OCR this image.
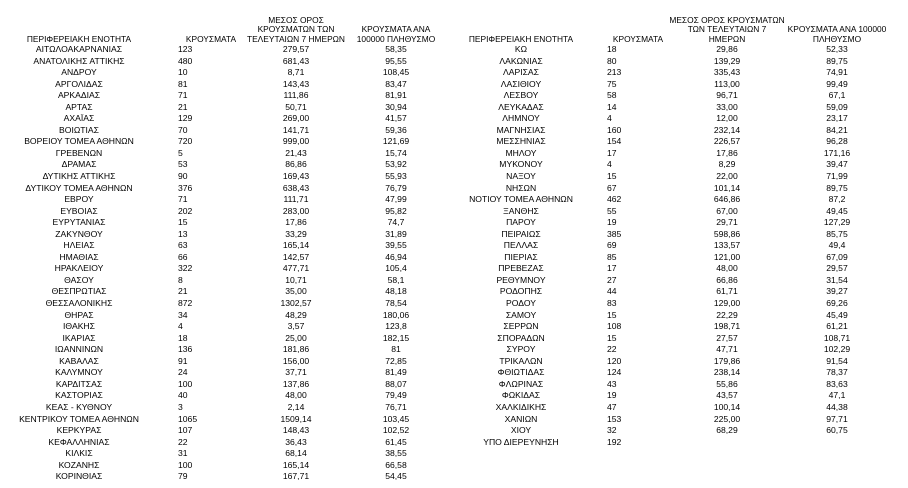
ΠΕΡΙΦΕΡΕΙΑΚΗ ΕΝΟΤΗΤΑ	ΚΡΟΥΣΜΑΤΑ	ΜΕΣΟΣ ΟΡΟΣ ΚΡΟΥΣΜΑΤΩΝ ΤΩΝ ΤΕΛΕΥΤΑΙΩΝ 7 ΗΜΕΡΩΝ	ΚΡΟΥΣΜΑΤΑ ΑΝΑ 100000 ΠΛΗΘΥΣΜΟ
ΑΙΤΩΛΟΑΚΑΡΝΑΝΙΑΣ	123	279,57	58,35
ΑΝΑΤΟΛΙΚΗΣ ΑΤΤΙΚΗΣ	480	681,43	95,55
ΑΝΔΡΟΥ	10	8,71	108,45
ΑΡΓΟΛΙΔΑΣ	81	143,43	83,47
ΑΡΚΑΔΙΑΣ	71	111,86	81,91
ΑΡΤΑΣ	21	50,71	30,94
ΑΧΑΪΑΣ	129	269,00	41,57
ΒΟΙΩΤΙΑΣ	70	141,71	59,36
ΒΟΡΕΙΟΥ ΤΟΜΕΑ ΑΘΗΝΩΝ	720	999,00	121,69
ΓΡΕΒΕΝΩΝ	5	21,43	15,74
ΔΡΑΜΑΣ	53	86,86	53,92
ΔΥΤΙΚΗΣ ΑΤΤΙΚΗΣ	90	169,43	55,93
ΔΥΤΙΚΟΥ ΤΟΜΕΑ ΑΘΗΝΩΝ	376	638,43	76,79
ΕΒΡΟΥ	71	111,71	47,99
ΕΥΒΟΙΑΣ	202	283,00	95,82
ΕΥΡΥΤΑΝΙΑΣ	15	17,86	74,7
ΖΑΚΥΝΘΟΥ	13	33,29	31,89
ΗΛΕΙΑΣ	63	165,14	39,55
ΗΜΑΘΙΑΣ	66	142,57	46,94
ΗΡΑΚΛΕΙΟΥ	322	477,71	105,4
ΘΑΣΟΥ	8	10,71	58,1
ΘΕΣΠΡΩΤΙΑΣ	21	35,00	48,18
ΘΕΣΣΑΛΟΝΙΚΗΣ	872	1302,57	78,54
ΘΗΡΑΣ	34	48,29	180,06
ΙΘΑΚΗΣ	4	3,57	123,8
ΙΚΑΡΙΑΣ	18	25,00	182,15
ΙΩΑΝΝΙΝΩΝ	136	181,86	81
ΚΑΒΑΛΑΣ	91	156,00	72,85
ΚΑΛΥΜΝΟΥ	24	37,71	81,49
ΚΑΡΔΙΤΣΑΣ	100	137,86	88,07
ΚΑΣΤΟΡΙΑΣ	40	48,00	79,49
ΚΕΑΣ - ΚΥΘΝΟΥ	3	2,14	76,71
ΚΕΝΤΡΙΚΟΥ ΤΟΜΕΑ ΑΘΗΝΩΝ	1065	1509,14	103,45
ΚΕΡΚΥΡΑΣ	107	148,43	102,52
ΚΕΦΑΛΛΗΝΙΑΣ	22	36,43	61,45
ΚΙΛΚΙΣ	31	68,14	38,55
ΚΟΖΑΝΗΣ	100	165,14	66,58
ΚΟΡΙΝΘΙΑΣ	79	167,71	54,45
ΠΕΡΙΦΕΡΕΙΑΚΗ ΕΝΟΤΗΤΑ	ΚΡΟΥΣΜΑΤΑ	ΜΕΣΟΣ ΟΡΟΣ ΚΡΟΥΣΜΑΤΩΝ ΤΩΝ ΤΕΛΕΥΤΑΙΩΝ 7 ΗΜΕΡΩΝ	ΚΡΟΥΣΜΑΤΑ ΑΝΑ 100000 ΠΛΗΘΥΣΜΟ
ΚΩ	18	29,86	52,33
ΛΑΚΩΝΙΑΣ	80	139,29	89,75
ΛΑΡΙΣΑΣ	213	335,43	74,91
ΛΑΣΙΘΙΟΥ	75	113,00	99,49
ΛΕΣΒΟΥ	58	96,71	67,1
ΛΕΥΚΑΔΑΣ	14	33,00	59,09
ΛΗΜΝΟΥ	4	12,00	23,17
ΜΑΓΝΗΣΙΑΣ	160	232,14	84,21
ΜΕΣΣΗΝΙΑΣ	154	226,57	96,28
ΜΗΛΟΥ	17	17,86	171,16
ΜΥΚΟΝΟΥ	4	8,29	39,47
ΝΑΞΟΥ	15	22,00	71,99
ΝΗΣΩΝ	67	101,14	89,75
ΝΟΤΙΟΥ ΤΟΜΕΑ ΑΘΗΝΩΝ	462	646,86	87,2
ΞΑΝΘΗΣ	55	67,00	49,45
ΠΑΡΟΥ	19	29,71	127,29
ΠΕΙΡΑΙΩΣ	385	598,86	85,75
ΠΕΛΛΑΣ	69	133,57	49,4
ΠΙΕΡΙΑΣ	85	121,00	67,09
ΠΡΕΒΕΖΑΣ	17	48,00	29,57
ΡΕΘΥΜΝΟΥ	27	66,86	31,54
ΡΟΔΟΠΗΣ	44	61,71	39,27
ΡΟΔΟΥ	83	129,00	69,26
ΣΑΜΟΥ	15	22,29	45,49
ΣΕΡΡΩΝ	108	198,71	61,21
ΣΠΟΡΑΔΩΝ	15	27,57	108,71
ΣΥΡΟΥ	22	47,71	102,29
ΤΡΙΚΑΛΩΝ	120	179,86	91,54
ΦΘΙΩΤΙΔΑΣ	124	238,14	78,37
ΦΛΩΡΙΝΑΣ	43	55,86	83,63
ΦΩΚΙΔΑΣ	19	43,57	47,1
ΧΑΛΚΙΔΙΚΗΣ	47	100,14	44,38
ΧΑΝΙΩΝ	153	225,00	97,71
ΧΙΟΥ	32	68,29	60,75
ΥΠΟ ΔΙΕΡΕΥΝΗΣΗ	192		
